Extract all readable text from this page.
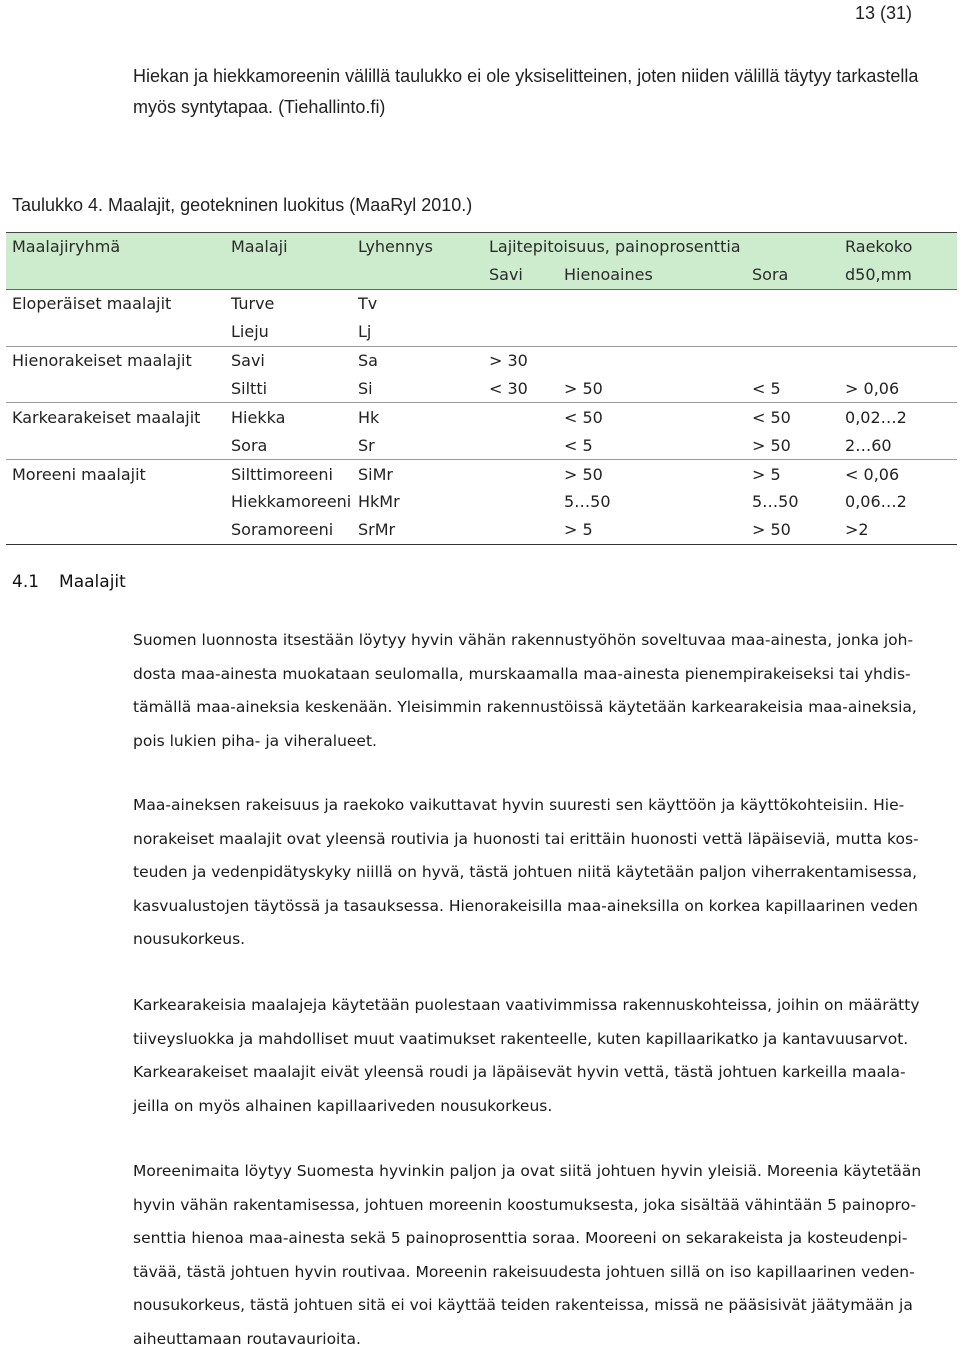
13 (31)

Hiekan ja hiekkamoreenin välillä taulukko ei ole yksiselitteinen, joten niiden välillä täytyy tarkastella
myös syntytapaa. (Tiehallinto.fi)

Taulukko 4. Maalajit, geotekninen luokitus (MaaRyl 2010.)
Maalajiryhmä	Maalaji	Lyhennys	Lajitepitoisuus, painoprosenttia			Raekoko
			Savi	Hienoaines	Sora	d50,mm
Eloperäiset maalajit	Turve	Tv				
	Lieju	Lj				
Hienorakeiset maalajit	Savi	Sa	> 30			
	Siltti	Si	< 30	> 50	< 5	> 0,06
Karkearakeiset maalajit	Hiekka	Hk		< 50	< 50	0,02…2
	Sora	Sr		< 5	> 50	2…60
Moreeni maalajit	Silttimoreeni	SiMr		> 50	> 5	< 0,06
	Hiekkamoreeni	HkMr		5…50	5…50	0,06…2
	Soramoreeni	SrMr		> 5	> 50	>2
4.1 Maalajit

Suomen luonnosta itsestään löytyy hyvin vähän rakennustyöhön soveltuvaa maa-ainesta, jonka joh-
dosta maa-ainesta muokataan seulomalla, murskaamalla maa-ainesta pienempirakeiseksi tai yhdis-
tämällä maa-aineksia keskenään. Yleisimmin rakennustöissä käytetään karkearakeisia maa-aineksia,
pois lukien piha- ja viheralueet.

Maa-aineksen rakeisuus ja raekoko vaikuttavat hyvin suuresti sen käyttöön ja käyttökohteisiin. Hie-
norakeiset maalajit ovat yleensä routivia ja huonosti tai erittäin huonosti vettä läpäiseviä, mutta kos-
teuden ja vedenpidätyskyky niillä on hyvä, tästä johtuen niitä käytetään paljon viherrakentamisessa,
kasvualustojen täytössä ja tasauksessa. Hienorakeisilla maa-aineksilla on korkea kapillaarinen veden
nousukorkeus.

Karkearakeisia maalajeja käytetään puolestaan vaativimmissa rakennuskohteissa, joihin on määrätty
tiiveysluokka ja mahdolliset muut vaatimukset rakenteelle, kuten kapillaarikatko ja kantavuusarvot.
Karkearakeiset maalajit eivät yleensä roudi ja läpäisevät hyvin vettä, tästä johtuen karkeilla maala-
jeilla on myös alhainen kapillaariveden nousukorkeus.

Moreenimaita löytyy Suomesta hyvinkin paljon ja ovat siitä johtuen hyvin yleisiä. Moreenia käytetään
hyvin vähän rakentamisessa, johtuen moreenin koostumuksesta, joka sisältää vähintään 5 painopro-
senttia hienoa maa-ainesta sekä 5 painoprosenttia soraa. Mooreeni on sekarakeista ja kosteudenpi-
tävää, tästä johtuen hyvin routivaa. Moreenin rakeisuudesta johtuen sillä on iso kapillaarinen veden-
nousukorkeus, tästä johtuen sitä ei voi käyttää teiden rakenteissa, missä ne pääsisivät jäätymään ja
aiheuttamaan routavaurioita.
